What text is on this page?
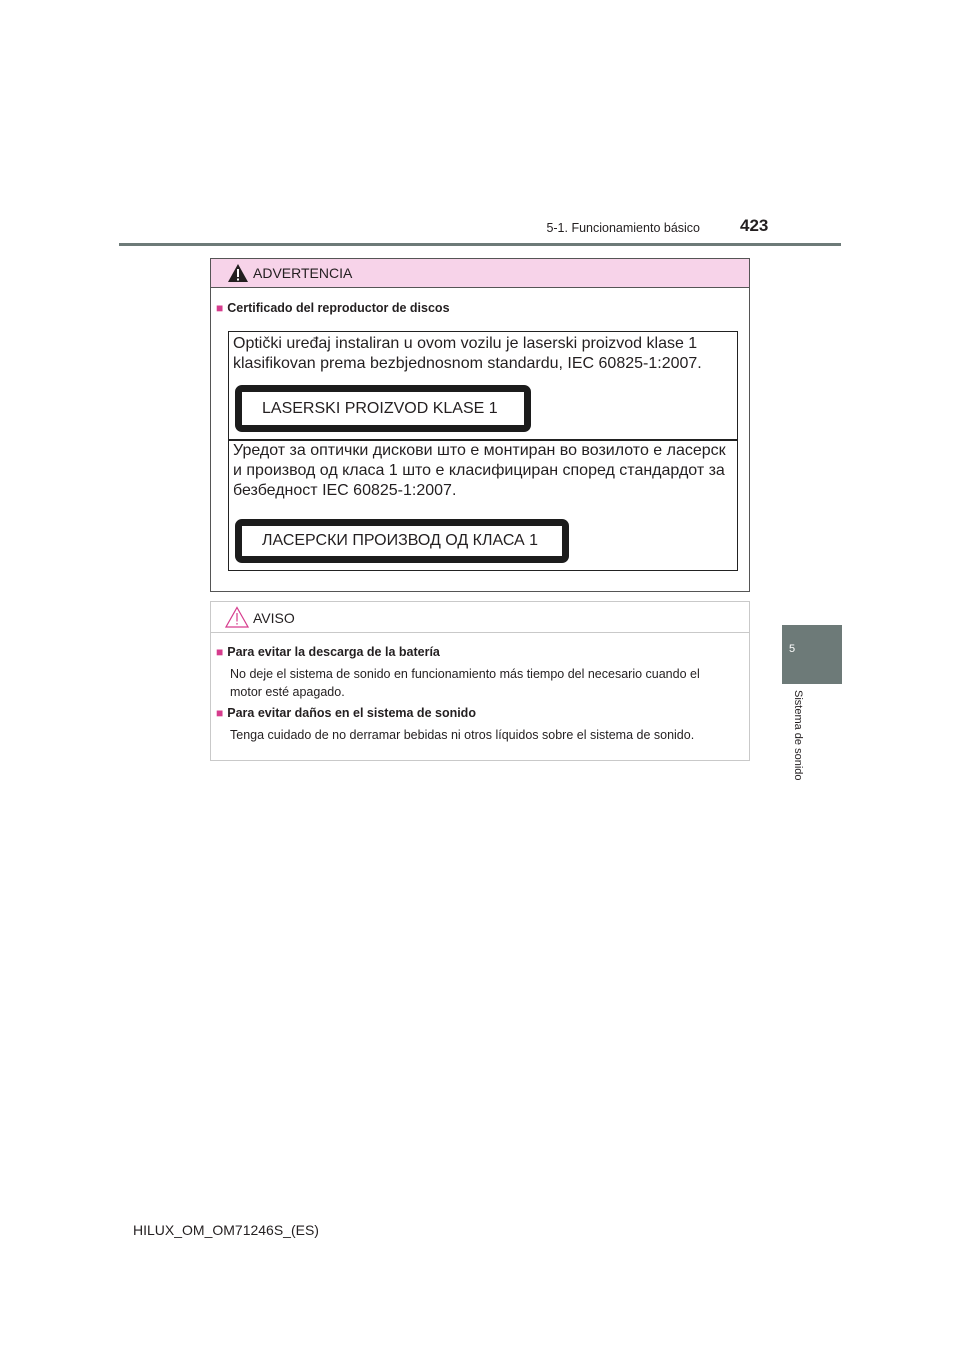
5-1. Funcionamiento básico 423
5
Sistema de sonido
ADVERTENCIA
■ Certificado del reproductor de discos
Optički uređaj instaliran u ovom vozilu je laserski proizvod klase 1
klasifikovan prema bezbjednosnom standardu, IEC 60825-1:2007.
LASERSKI PROIZVOD KLASE 1
Уредот за оптички дискови што е монтиран во возилото е ласерск
и производ од класа 1 што е класифициран според стандардот за
безбедност IEC 60825-1:2007.
ЛАСЕРСКИ ПРОИЗВОД ОД КЛАСА 1
AVISO
■ Para evitar la descarga de la batería
No deje el sistema de sonido en funcionamiento más tiempo del necesario cuando el
motor esté apagado.
■ Para evitar daños en el sistema de sonido
Tenga cuidado de no derramar bebidas ni otros líquidos sobre el sistema de sonido.
HILUX_OM_OM71246S_(ES)
